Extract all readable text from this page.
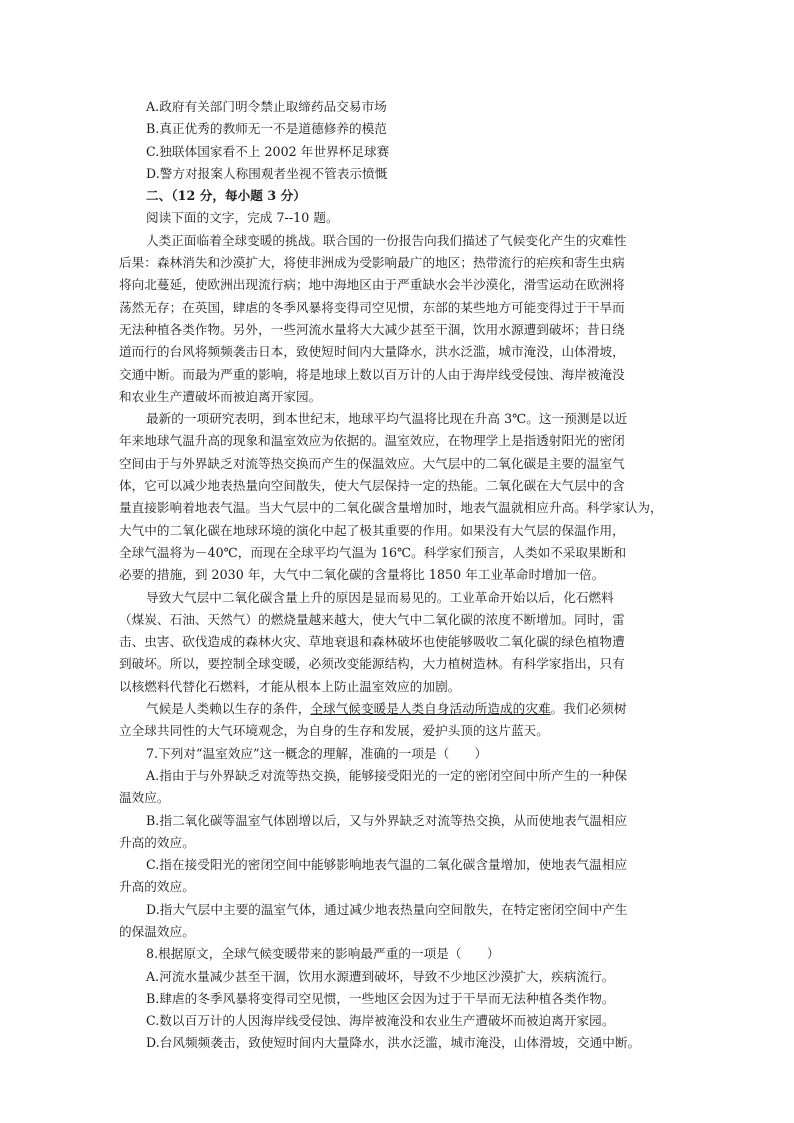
A.政府有关部门明令禁止取缔药品交易市场
B.真正优秀的教师无一不是道德修养的模范
C.独联体国家看不上 2002 年世界杯足球赛
D.警方对报案人称围观者坐视不管表示愤慨
二、（12 分，每小题 3 分）
阅读下面的文字，完成 7--10 题。
人类正面临着全球变暖的挑战。联合国的一份报告向我们描述了气候变化产生的灾难性
后果：森林消失和沙漠扩大，将使非洲成为受影响最广的地区；热带流行的疟疾和寄生虫病
将向北蔓延，使欧洲出现流行病；地中海地区由于严重缺水会半沙漠化，滑雪运动在欧洲将
荡然无存；在英国，肆虐的冬季风暴将变得司空见惯，东部的某些地方可能变得过于干旱而
无法种植各类作物。另外，一些河流水量将大大减少甚至干涸，饮用水源遭到破坏；昔日绕
道而行的台风将频频袭击日本，致使短时间内大量降水，洪水泛滥，城市淹没，山体滑坡，
交通中断。而最为严重的影响，将是地球上数以百万计的人由于海岸线受侵蚀、海岸被淹没
和农业生产遭破坏而被迫离开家园。
最新的一项研究表明，到本世纪末，地球平均气温将比现在升高 3℃。这一预测是以近
年来地球气温升高的现象和温室效应为依据的。温室效应，在物理学上是指透射阳光的密闭
空间由于与外界缺乏对流等热交换而产生的保温效应。大气层中的二氧化碳是主要的温室气
体，它可以减少地表热量向空间散失，使大气层保持一定的热能。二氧化碳在大气层中的含
量直接影响着地表气温。当大气层中的二氧化碳含量增加时，地表气温就相应升高。科学家认为，
大气中的二氧化碳在地球环境的演化中起了极其重要的作用。如果没有大气层的保温作用，
全球气温将为－40℃，而现在全球平均气温为 16℃。科学家们预言，人类如不采取果断和
必要的措施，到 2030 年，大气中二氧化碳的含量将比 1850 年工业革命时增加一倍。
导致大气层中二氧化碳含量上升的原因是显而易见的。工业革命开始以后，化石燃料
（煤炭、石油、天然气）的燃烧量越来越大，使大气中二氧化碳的浓度不断增加。同时，雷
击、虫害、砍伐造成的森林火灾、草地衰退和森林破坏也使能够吸收二氧化碳的绿色植物遭
到破坏。所以，要控制全球变暖，必须改变能源结构，大力植树造林。有科学家指出，只有
以核燃料代替化石燃料，才能从根本上防止温室效应的加剧。
气候是人类赖以生存的条件，全球气候变暖是人类自身活动所造成的灾难。我们必须树
立全球共同性的大气环境观念，为自身的生存和发展，爱护头顶的这片蓝天。
7.下列对“温室效应”这一概念的理解，准确的一项是（　　）
A.指由于与外界缺乏对流等热交换，能够接受阳光的一定的密闭空间中所产生的一种保
温效应。
B.指二氧化碳等温室气体剧增以后，又与外界缺乏对流等热交换，从而使地表气温相应
升高的效应。
C.指在接受阳光的密闭空间中能够影响地表气温的二氧化碳含量增加，使地表气温相应
升高的效应。
D.指大气层中主要的温室气体，通过减少地表热量向空间散失，在特定密闭空间中产生
的保温效应。
8.根据原文，全球气候变暖带来的影响最严重的一项是（　　）
A.河流水量减少甚至干涸，饮用水源遭到破坏，导致不少地区沙漠扩大，疾病流行。
B.肆虐的冬季风暴将变得司空见惯，一些地区会因为过于干旱而无法种植各类作物。
C.数以百万计的人因海岸线受侵蚀、海岸被淹没和农业生产遭破坏而被迫离开家园。
D.台风频频袭击，致使短时间内大量降水，洪水泛滥，城市淹没，山体滑坡，交通中断。
